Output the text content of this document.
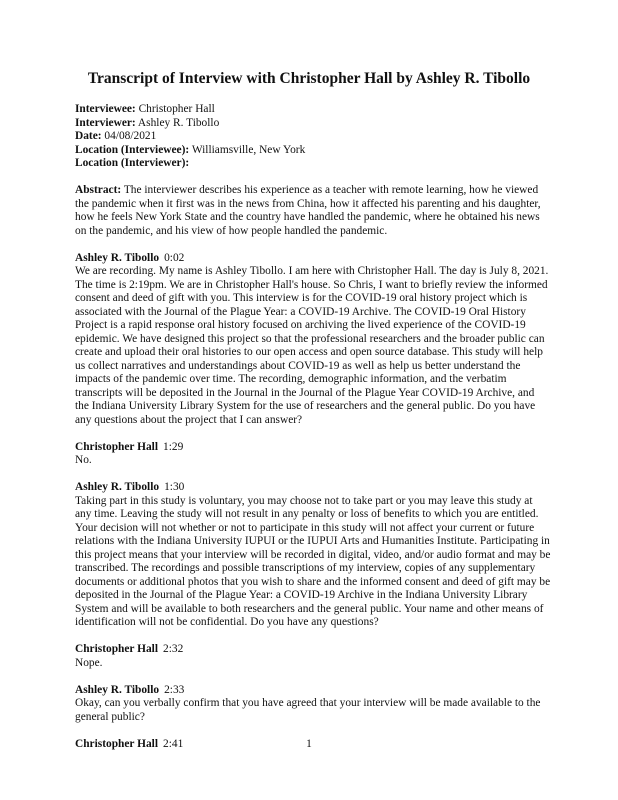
Transcript of Interview with Christopher Hall by Ashley R. Tibollo
Interviewee: Christopher Hall
Interviewer: Ashley R. Tibollo
Date: 04/08/2021
Location (Interviewee): Williamsville, New York
Location (Interviewer):
Abstract: The interviewer describes his experience as a teacher with remote learning, how he viewed
the pandemic when it first was in the news from China, how it affected his parenting and his daughter,
how he feels New York State and the country have handled the pandemic, where he obtained his news
on the pandemic, and his view of how people handled the pandemic.
Ashley R. Tibollo 0:02
We are recording. My name is Ashley Tibollo. I am here with Christopher Hall. The day is July 8, 2021.
The time is 2:19pm. We are in Christopher Hall's house. So Chris, I want to briefly review the informed
consent and deed of gift with you. This interview is for the COVID-19 oral history project which is
associated with the Journal of the Plague Year: a COVID-19 Archive. The COVID-19 Oral History
Project is a rapid response oral history focused on archiving the lived experience of the COVID-19
epidemic. We have designed this project so that the professional researchers and the broader public can
create and upload their oral histories to our open access and open source database. This study will help
us collect narratives and understandings about COVID-19 as well as help us better understand the
impacts of the pandemic over time. The recording, demographic information, and the verbatim
transcripts will be deposited in the Journal in the Journal of the Plague Year COVID-19 Archive, and
the Indiana University Library System for the use of researchers and the general public. Do you have
any questions about the project that I can answer?
Christopher Hall 1:29
No.
Ashley R. Tibollo 1:30
Taking part in this study is voluntary, you may choose not to take part or you may leave this study at
any time. Leaving the study will not result in any penalty or loss of benefits to which you are entitled.
Your decision will not whether or not to participate in this study will not affect your current or future
relations with the Indiana University IUPUI or the IUPUI Arts and Humanities Institute. Participating in
this project means that your interview will be recorded in digital, video, and/or audio format and may be
transcribed. The recordings and possible transcriptions of my interview, copies of any supplementary
documents or additional photos that you wish to share and the informed consent and deed of gift may be
deposited in the Journal of the Plague Year: a COVID-19 Archive in the Indiana University Library
System and will be available to both researchers and the general public. Your name and other means of
identification will not be confidential. Do you have any questions?
Christopher Hall 2:32
Nope.
Ashley R. Tibollo 2:33
Okay, can you verbally confirm that you have agreed that your interview will be made available to the
general public?
Christopher Hall 2:41	1
